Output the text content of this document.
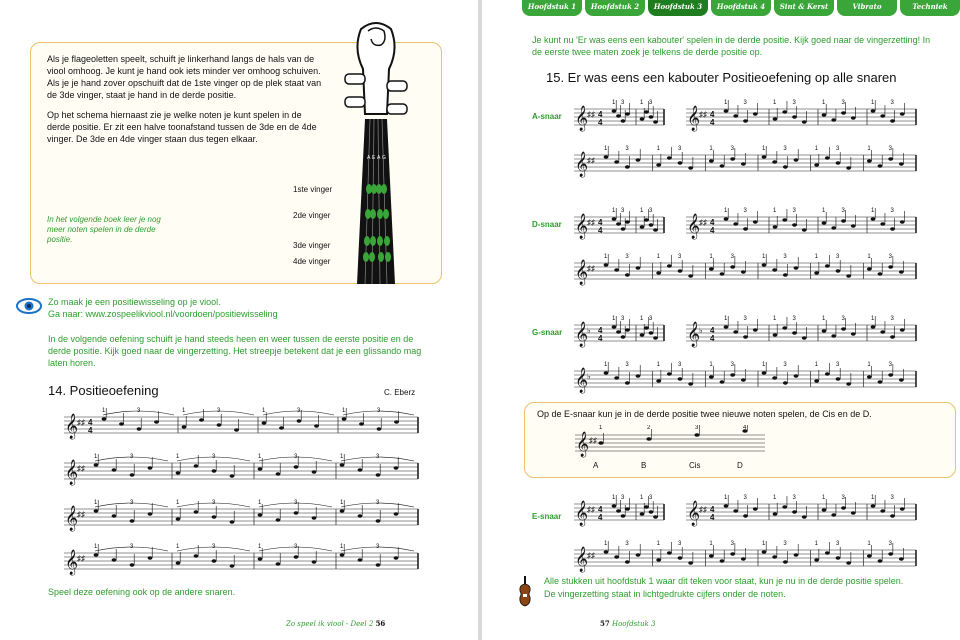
Als je flageoletten speelt, schuift je linkerhand langs de hals van de viool omhoog. Je kunt je hand ook iets minder ver omhoog schuiven. Als je je hand zover opschuift dat de 1ste vinger op de plek staat van de 3de vinger, staat je hand in de derde positie.

Op het schema hiernaast zie je welke noten je kunt spelen in de derde positie. Er zit een halve toonafstand tussen de 3de en de 4de vinger. De 3de en 4de vinger staan dus tegen elkaar.

In het volgende boek leer je nog meer noten spelen in de derde positie.
A E A G
1ste vinger
2de vinger
3de vinger
4de vinger
Zo maak je een positiewisseling op je viool.
Ga naar: www.zospeelikviool.nl/voordoen/positiewisseling
In de volgende oefening schuift je hand steeds heen en weer tussen de eerste positie en de derde positie. Kijk goed naar de vingerzetting. Het streepje betekent dat je een glissando mag laten horen.
14. Positieoefening	C. Eberz
𝄞
♯♯ 4
4
1	3	1	3	1	3	1	3
𝄞
♯♯
1	3	1	3	1	3	1	3
𝄞
♯♯
1	3	1	3	1	3	1	3
𝄞
♯♯
1	3	1	3	1	3	1	3
Speel deze oefening ook op de andere snaren.
Zo speel ik viool - Deel 2 56
Hoofdstuk 1	Hoofdstuk 2	Hoofdstuk 3	Hoofdstuk 4	Sint & Kerst	Vibrato	Techniek
Je kunt nu 'Er was eens een kabouter' spelen in de derde positie. Kijk goed naar de vingerzetting! In de eerste twee maten zoek je telkens de derde positie op.
15. Er was eens een kabouter Positieoefening op alle snaren
A-snaar
D-snaar
G-snaar
E-snaar
𝄞
♯♯ 4
4
1 3	1 3
𝄞
♯♯ 4
4
1	3	1	3	1	3	1	3
𝄞
♯♯
1	3	1	3	1	3	1	3	1	3	1	3
𝄞
♯♯ 4
4
1 3	1 3
𝄞
♯♯ 4
4
1	3	1	3	1	3	1	3
𝄞
♯♯
1	3	1	3	1	3	1	3	1	3	1	3
𝄞
♭ 4
4
1 3	1 3
𝄞
♭ 4
4
1	3	1	3	1	3	1	3
𝄞
♭
1	3	1	3	1	3	1	3	1	3	1	3
Op de E-snaar kun je in de derde positie twee nieuwe noten spelen, de Cis en de D.
𝄞 ♯♯
1	2	3	4
A	B	Cis	D
𝄞
♯♯ 4
4
1 3	1 3
𝄞
♯♯ 4
4
1	3	1	3	1	3	1	3
𝄞
♯♯
1	3	1	3	1	3	1	3	1	3	1	3
Alle stukken uit hoofdstuk 1 waar dit teken voor staat, kun je nu in de derde positie spelen.
De vingerzetting staat in lichtgedrukte cijfers onder de noten.
57 Hoofdstuk 3
